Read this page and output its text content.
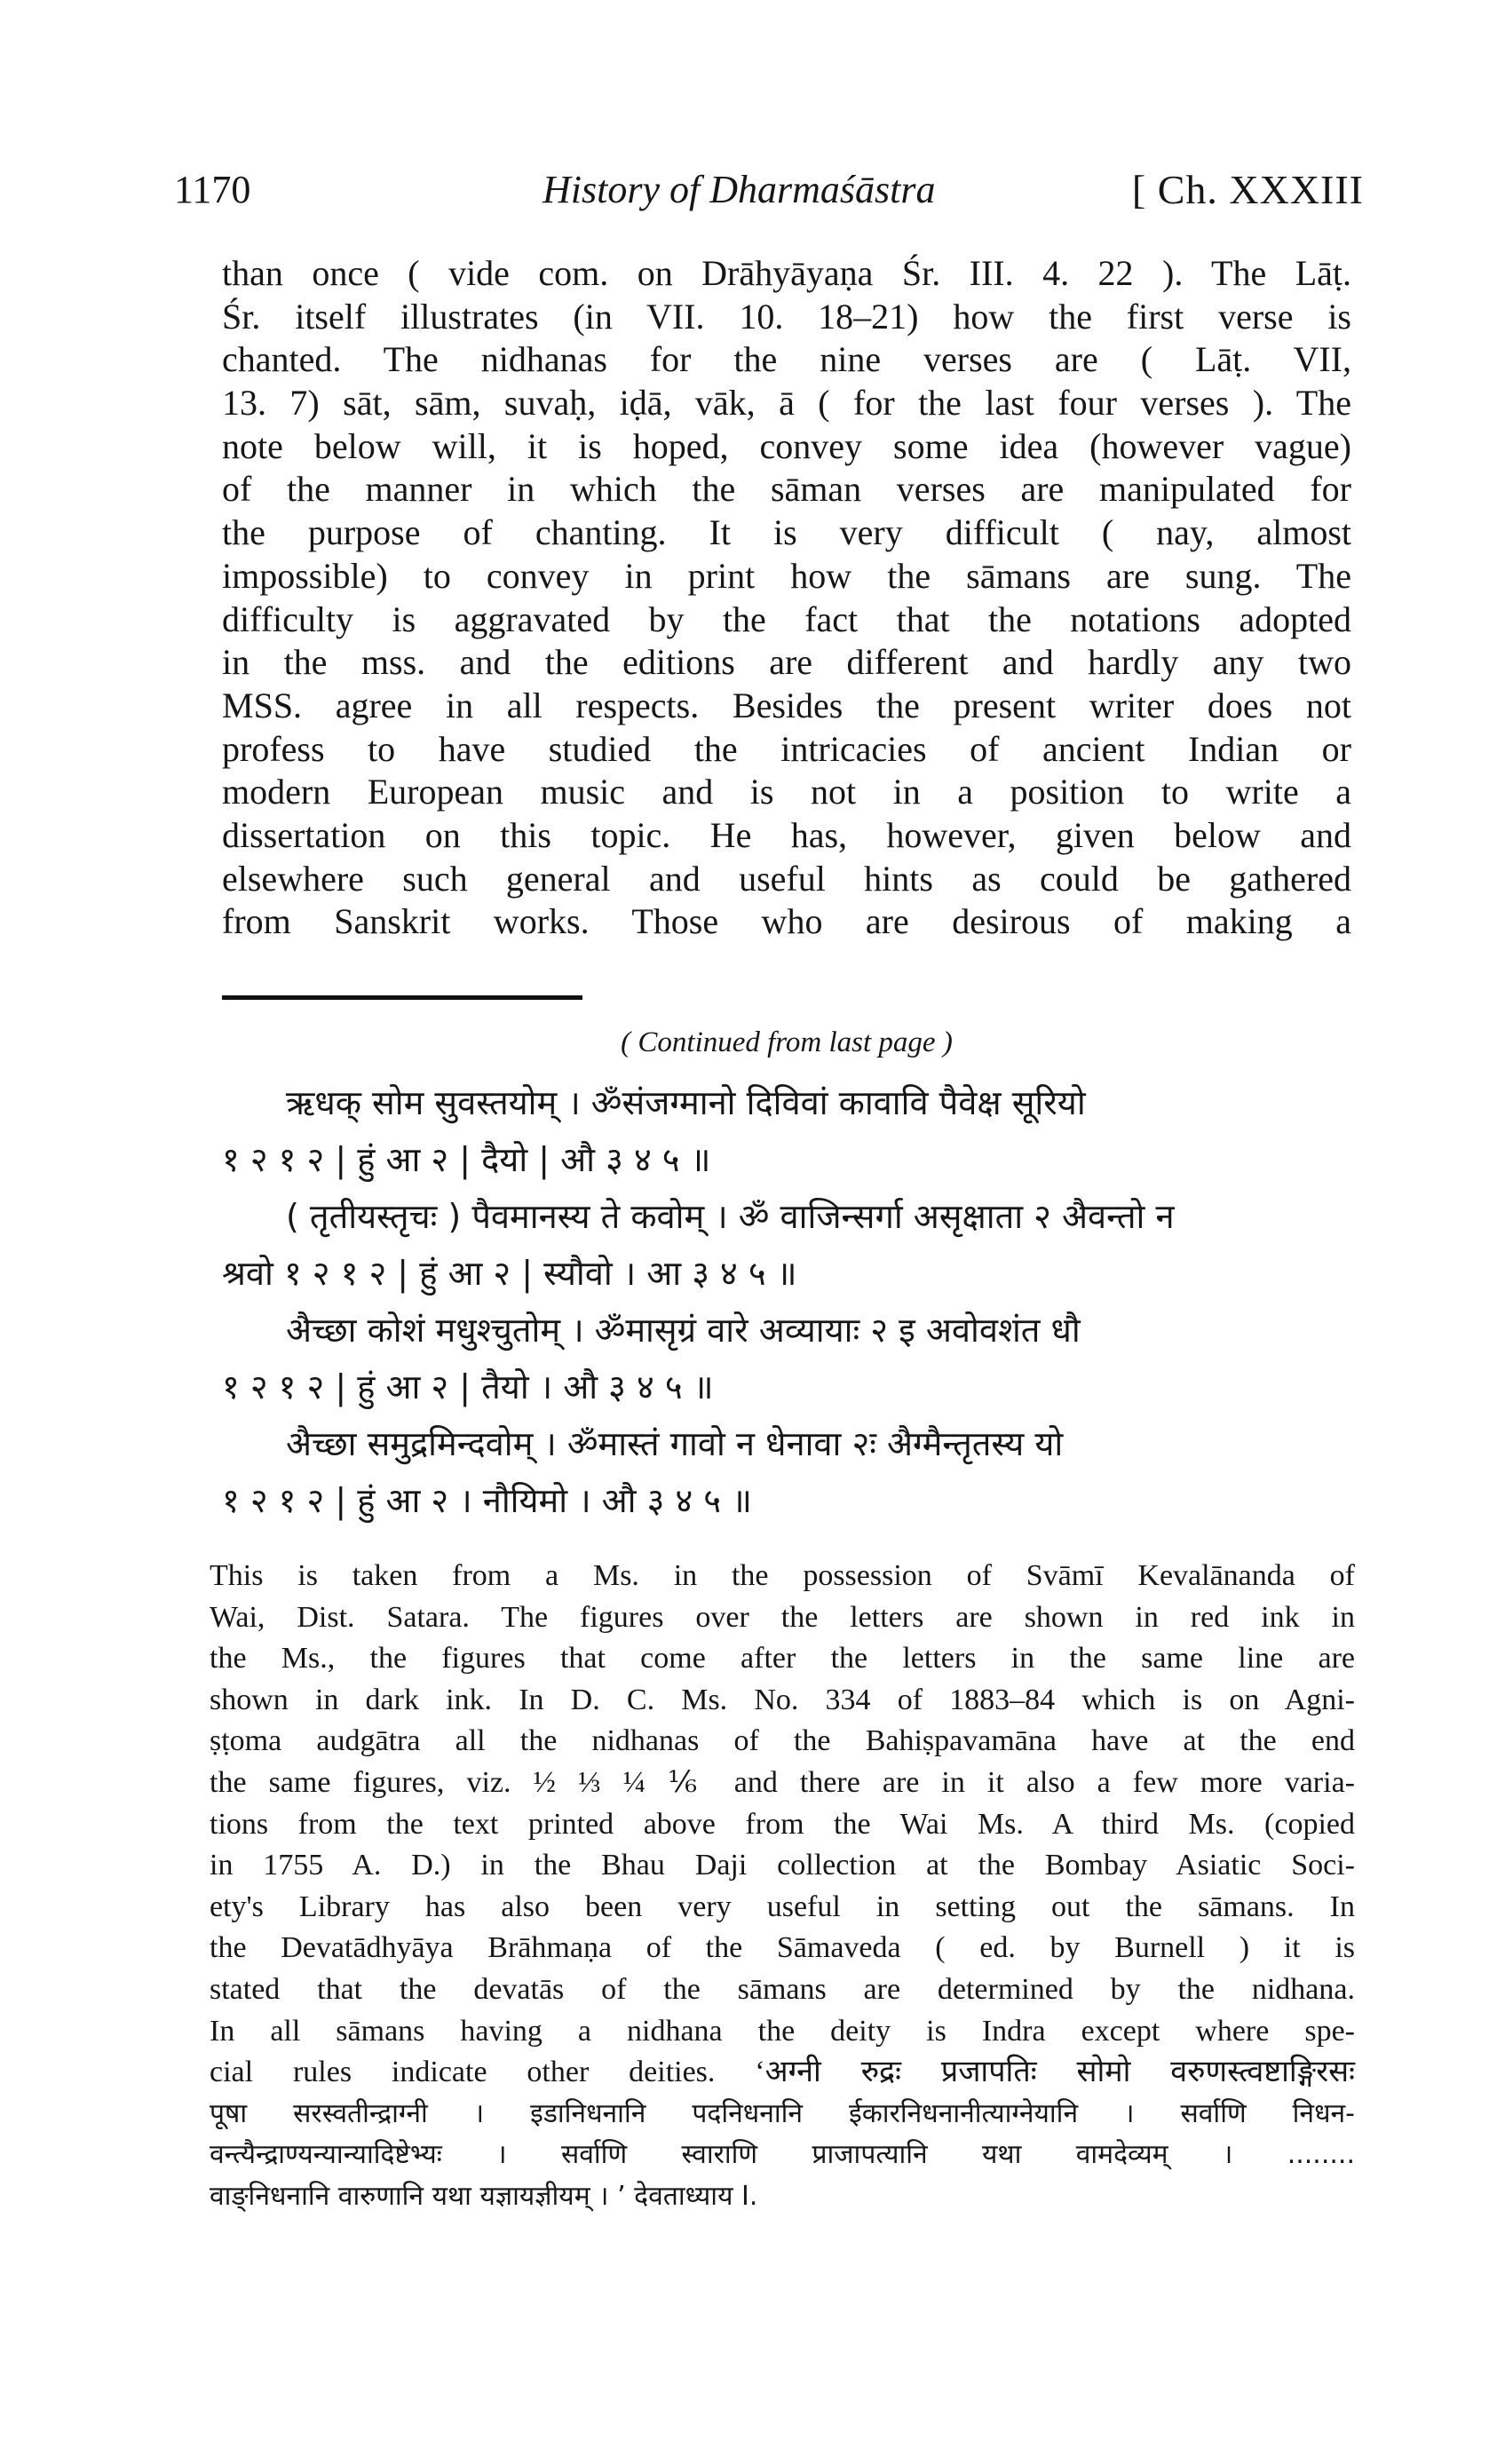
1170	History of Dharmaśāstra	[ Ch. XXXIII
than once ( vide com. on Drāhyāyaṇa Śr. III. 4. 22 ). The Lāṭ.
Śr. itself illustrates (in VII. 10. 18–21) how the first verse is
chanted. The nidhanas for the nine verses are ( Lāṭ. VII,
13. 7) sāt, sām, suvaḥ, iḍā, vāk, ā ( for the last four verses ). The
note below will, it is hoped, convey some idea (however vague)
of the manner in which the sāman verses are manipulated for
the purpose of chanting. It is very difficult ( nay, almost
impossible) to convey in print how the sāmans are sung. The
difficulty is aggravated by the fact that the notations adopted
in the mss. and the editions are different and hardly any two
MSS. agree in all respects. Besides the present writer does not
profess to have studied the intricacies of ancient Indian or
modern European music and is not in a position to write a
dissertation on this topic. He has, however, given below and
elsewhere such general and useful hints as could be gathered
from Sanskrit works. Those who are desirous of making a
( Continued from last page )
ऋधक् सोम सुवस्तयोम् । ॐसंजग्मानो दिविवां कावावि पैवेक्ष सूरियो
१ २ १ २ | हुं आ २ | दैयो | औ ३ ४ ५ ॥
( तृतीयस्तृचः ) पैवमानस्य ते कवोम् । ॐ वाजिन्सर्गा असृक्षाता २ अैवन्तो न
श्रवो १ २ १ २ | हुं आ २ | स्यौवो । आ ३ ४ ५ ॥
अैच्छा कोशं मधुश्चुतोम् । ॐमासृग्रं वारे अव्यायाः २ इ अवोवशंत धौ
१ २ १ २ | हुं आ २ | तैयो । औ ३ ४ ५ ॥
अैच्छा समुद्रमिन्दवोम् । ॐमास्तं गावो न धेनावा २ः अैग्मैन्तृतस्य यो
१ २ १ २ | हुं आ २ । नौयिमो । औ ३ ४ ५ ॥
This is taken from a Ms. in the possession of Svāmī Kevalānanda of
Wai, Dist. Satara. The figures over the letters are shown in red ink in
the Ms., the figures that come after the letters in the same line are
shown in dark ink. In D. C. Ms. No. 334 of 1883–84 which is on Agni-
ṣṭoma audgātra all the nidhanas of the Bahiṣpavamāna have at the end
the same figures, viz. ½ ⅓ ¼ ⅙ and there are in it also a few more varia-
tions from the text printed above from the Wai Ms. A third Ms. (copied
in 1755 A. D.) in the Bhau Daji collection at the Bombay Asiatic Soci-
ety's Library has also been very useful in setting out the sāmans. In
the Devatādhyāya Brāhmaṇa of the Sāmaveda ( ed. by Burnell ) it is
stated that the devatās of the sāmans are determined by the nidhana.
In all sāmans having a nidhana the deity is Indra except where spe-
cial rules indicate other deities. ‘अग्नी रुद्रः प्रजापतिः सोमो वरुणस्त्वष्टाङ्गिरसः
पूषा सरस्वतीन्द्राग्नी । इडानिधनानि पदनिधनानि ईकारनिधनानीत्याग्नेयानि । सर्वाणि निधन-
वन्त्यैन्द्राण्यन्यान्यादिष्टेभ्यः । सर्वाणि स्वाराणि प्राजापत्यानि यथा वामदेव्यम् । ........
वाङ्निधनानि वारुणानि यथा यज्ञायज्ञीयम् । ’ देवताध्याय I.
